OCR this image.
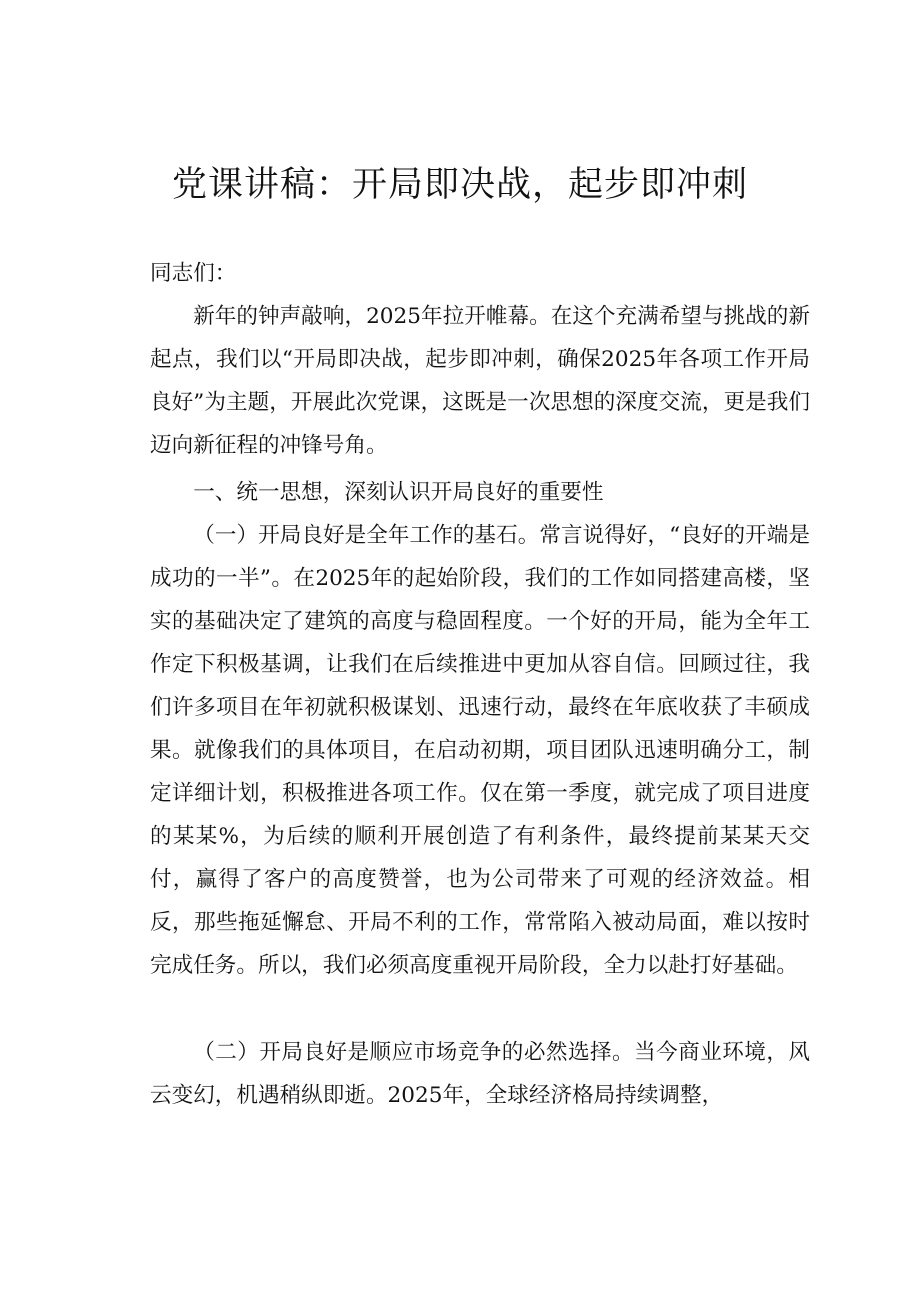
党课讲稿：开局即决战，起步即冲刺

同志们：

新年的钟声敲响，2025年拉开帷幕。在这个充满希望与挑战的新起点，我们以“开局即决战，起步即冲刺，确保2025年各项工作开局良好”为主题，开展此次党课，这既是一次思想的深度交流，更是我们迈向新征程的冲锋号角。

一、统一思想，深刻认识开局良好的重要性

（一）开局良好是全年工作的基石。常言说得好，“良好的开端是成功的一半”。在2025年的起始阶段，我们的工作如同搭建高楼，坚实的基础决定了建筑的高度与稳固程度。一个好的开局，能为全年工作定下积极基调，让我们在后续推进中更加从容自信。回顾过往，我们许多项目在年初就积极谋划、迅速行动，最终在年底收获了丰硕成果。就像我们的具体项目，在启动初期，项目团队迅速明确分工，制定详细计划，积极推进各项工作。仅在第一季度，就完成了项目进度的某某%，为后续的顺利开展创造了有利条件，最终提前某某天交付，赢得了客户的高度赞誉，也为公司带来了可观的经济效益。相反，那些拖延懈怠、开局不利的工作，常常陷入被动局面，难以按时完成任务。所以，我们必须高度重视开局阶段，全力以赴打好基础。

（二）开局良好是顺应市场竞争的必然选择。当今商业环境，风云变幻，机遇稍纵即逝。2025年，全球经济格局持续调整，
